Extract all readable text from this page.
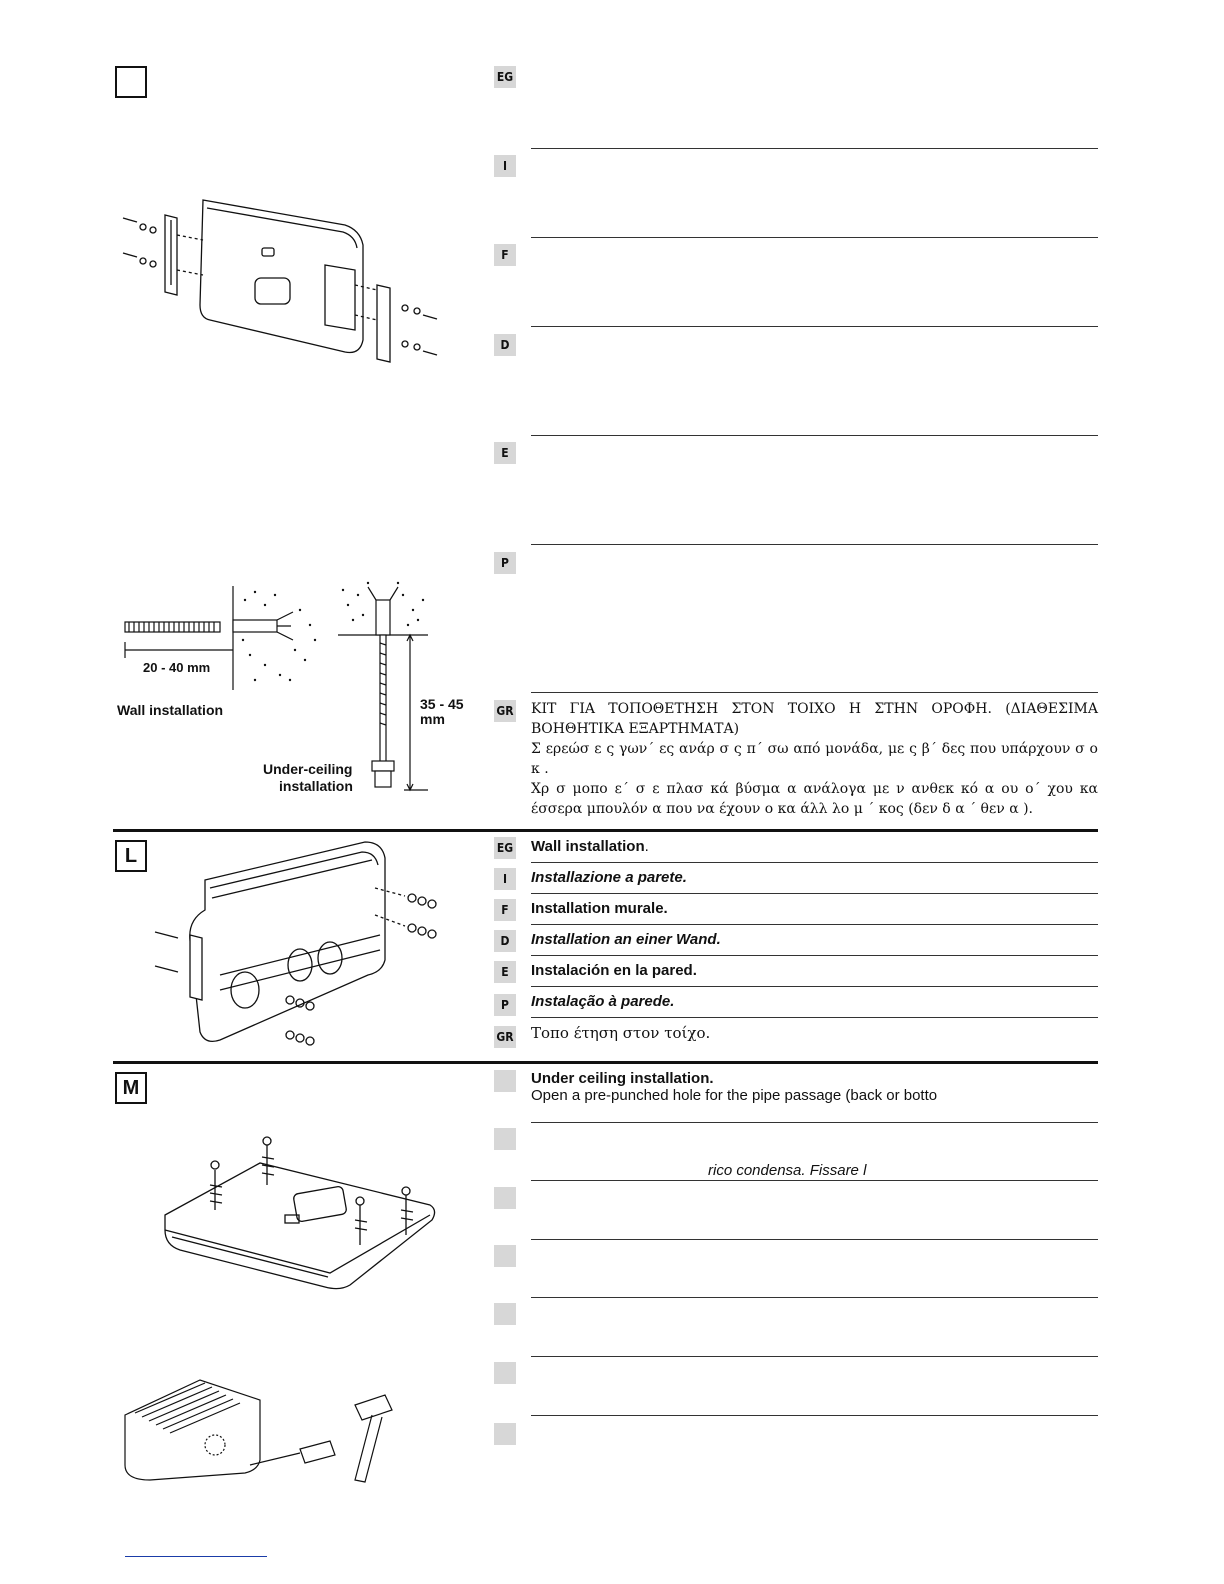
20 - 40 mm
Wall installation	35 - 45
mm
Under-ceiling
installation
EG
I
F
D
E
P
GR ΚΙΤ ΓΙΑ ΤΟΠΟΘΕΤΗΣΗ ΣΤΟΝ ΤΟΙΧΟ Η ΣΤΗΝ ΟΡΟΦΗ. (ΔΙΑΘΕΣΙΜΑ ΒΟΗΘΗΤΙΚΑ ΕΞΑΡΤΗΜΑΤΑ)
Σ ερεώσ ε ς γων΄ ες ανάρ σ ς π΄ σω από μονάδα, με ς β΄ δες που υπάρχουν σ ο κ .
Χρ σ μοπο ε΄ σ ε πλασ κά βύσμα α ανάλογα με ν ανθεκ κό α ου ο΄ χου κα έσσερα μπουλόν α που να έχουν ο κα άλλ λο μ ΄ κος (δεν δ α ΄ θεν α ).
L	EG Wall installation.
I	Installazione a parete.
F	Installation murale.
D	Installation an einer Wand.
E	Instalación en la pared.
P	Instalação à parede.
GR Τοπο έτηση στον τοίχο.
M	Under ceiling installation.
Open a pre-punched hole for the pipe passage (back or botto
rico condensa. Fissare l
